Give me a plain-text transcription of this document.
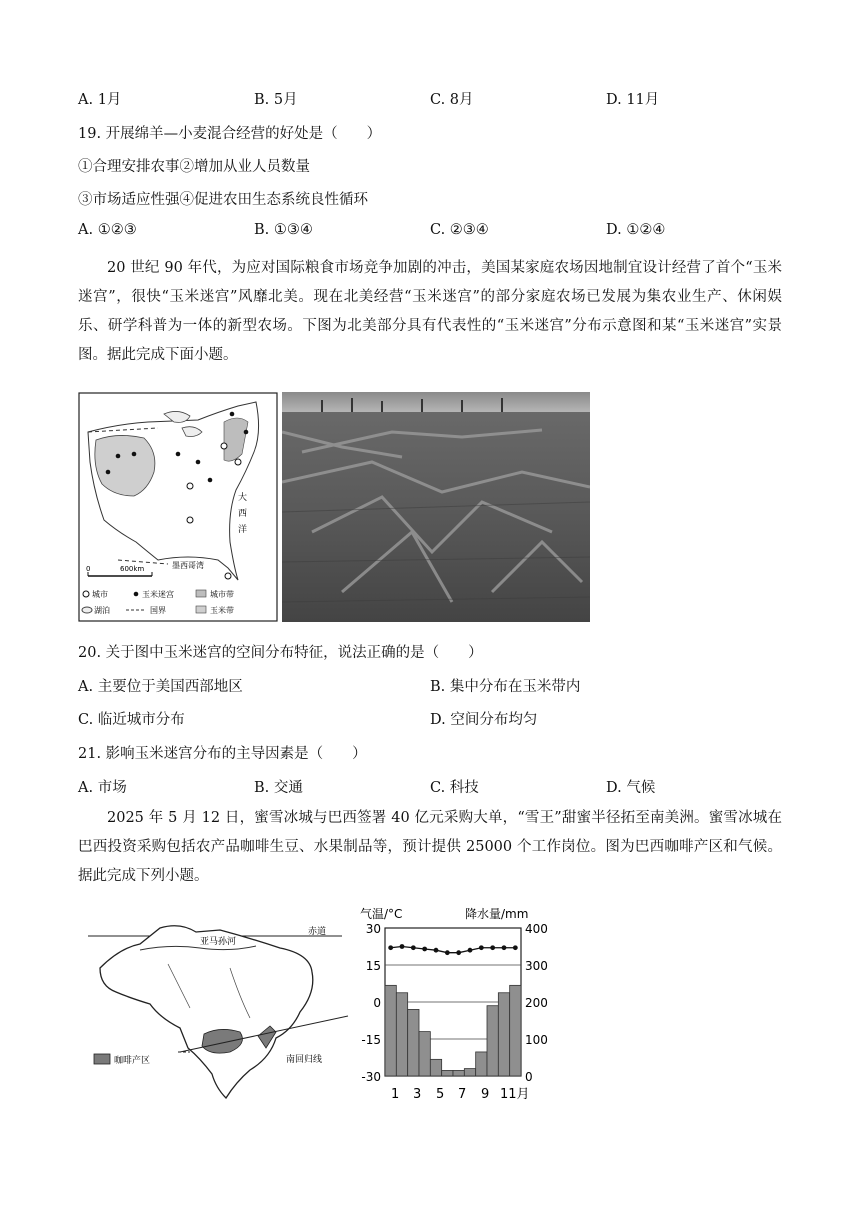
A. 1月	B. 5月	C. 8月	D. 11月
19. 开展绵羊—小麦混合经营的好处是（　　）
①合理安排农事②增加从业人员数量
③市场适应性强④促进农田生态系统良性循环
A. ①②③	B. ①③④	C. ②③④	D. ①②④
20 世纪 90 年代，为应对国际粮食市场竞争加剧的冲击，美国某家庭农场因地制宜设计经营了首个“玉米迷宫”，很快“玉米迷宫”风靡北美。现在北美经营“玉米迷宫”的部分家庭农场已发展为集农业生产、休闲娱乐、研学科普为一体的新型农场。下图为北美部分具有代表性的“玉米迷宫”分布示意图和某“玉米迷宫”实景图。据此完成下面小题。
大
西
洋
墨西哥湾
0	600km
城市	玉米迷宫	城市带
湖泊	国界	玉米带
20. 关于图中玉米迷宫的空间分布特征，说法正确的是（　　）
A. 主要位于美国西部地区	B. 集中分布在玉米带内
C. 临近城市分布	D. 空间分布均匀
21. 影响玉米迷宫分布的主导因素是（　　）
A. 市场	B. 交通	C. 科技	D. 气候
2025 年 5 月 12 日，蜜雪冰城与巴西签署 40 亿元采购大单，“雪王”甜蜜半径拓至南美洲。蜜雪冰城在巴西投资采购包括农产品咖啡生豆、水果制品等，预计提供 25000 个工作岗位。图为巴西咖啡产区和气候。据此完成下列小题。
亚马孙河
赤道
南回归线
咖啡产区
气温/°C	降水量/mm
30
15
0
-15
-30
400
300
200
100
0
1 3 5 7 9 11月
